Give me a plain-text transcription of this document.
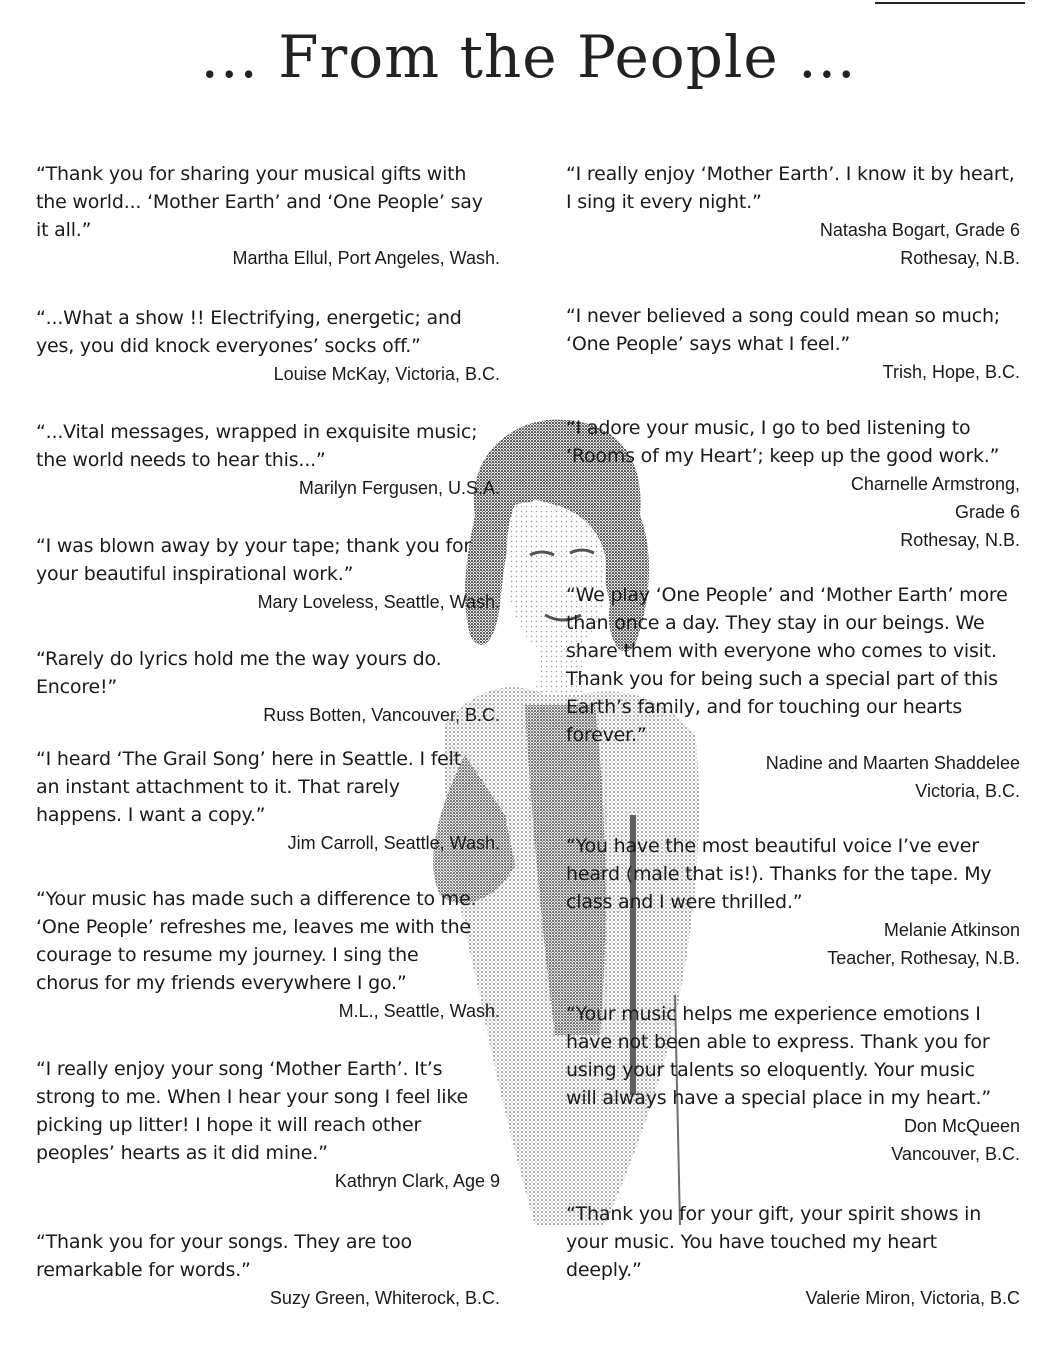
... From the People ...

“Thank you for sharing your musical gifts with
the world... ‘Mother Earth’ and ‘One People’ say
it all.”

Martha Ellul, Port Angeles, Wash.

“...What a show !! Electrifying, energetic; and
yes, you did knock everyones’ socks off.”

Louise McKay, Victoria, B.C.

“...Vital messages, wrapped in exquisite music;
the world needs to hear this...”

Marilyn Fergusen, U.S.A.

“I was blown away by your tape; thank you for
your beautiful inspirational work.”

Mary Loveless, Seattle, Wash.

“Rarely do lyrics hold me the way yours do.
Encore!”

Russ Botten, Vancouver, B.C.

“I heard ‘The Grail Song’ here in Seattle. I felt
an instant attachment to it. That rarely
happens. I want a copy.”

Jim Carroll, Seattle, Wash.

“Your music has made such a difference to me.
‘One People’ refreshes me, leaves me with the
courage to resume my journey. I sing the
chorus for my friends everywhere I go.”

M.L., Seattle, Wash.

“I really enjoy your song ‘Mother Earth’. It’s
strong to me. When I hear your song I feel like
picking up litter! I hope it will reach other
peoples’ hearts as it did mine.”

Kathryn Clark, Age 9

“Thank you for your songs. They are too
remarkable for words.”

Suzy Green, Whiterock, B.C.

“I really enjoy ‘Mother Earth’. I know it by heart,
I sing it every night.”

Natasha Bogart, Grade 6
Rothesay, N.B.

“I never believed a song could mean so much;
‘One People’ says what I feel.”

Trish, Hope, B.C.

“I adore your music, I go to bed listening to
‘Rooms of my Heart’; keep up the good work.”

Charnelle Armstrong,
Grade 6
Rothesay, N.B.

“We play ‘One People’ and ‘Mother Earth’ more
than once a day. They stay in our beings. We
share them with everyone who comes to visit.
Thank you for being such a special part of this
Earth’s family, and for touching our hearts
forever.”

Nadine and Maarten Shaddelee
Victoria, B.C.

“You have the most beautiful voice I’ve ever
heard (male that is!). Thanks for the tape. My
class and I were thrilled.”

Melanie Atkinson
Teacher, Rothesay, N.B.

“Your music helps me experience emotions I
have not been able to express. Thank you for
using your talents so eloquently. Your music
will always have a special place in my heart.”

Don McQueen
Vancouver, B.C.

“Thank you for your gift, your spirit shows in
your music. You have touched my heart
deeply.”

Valerie Miron, Victoria, B.C
